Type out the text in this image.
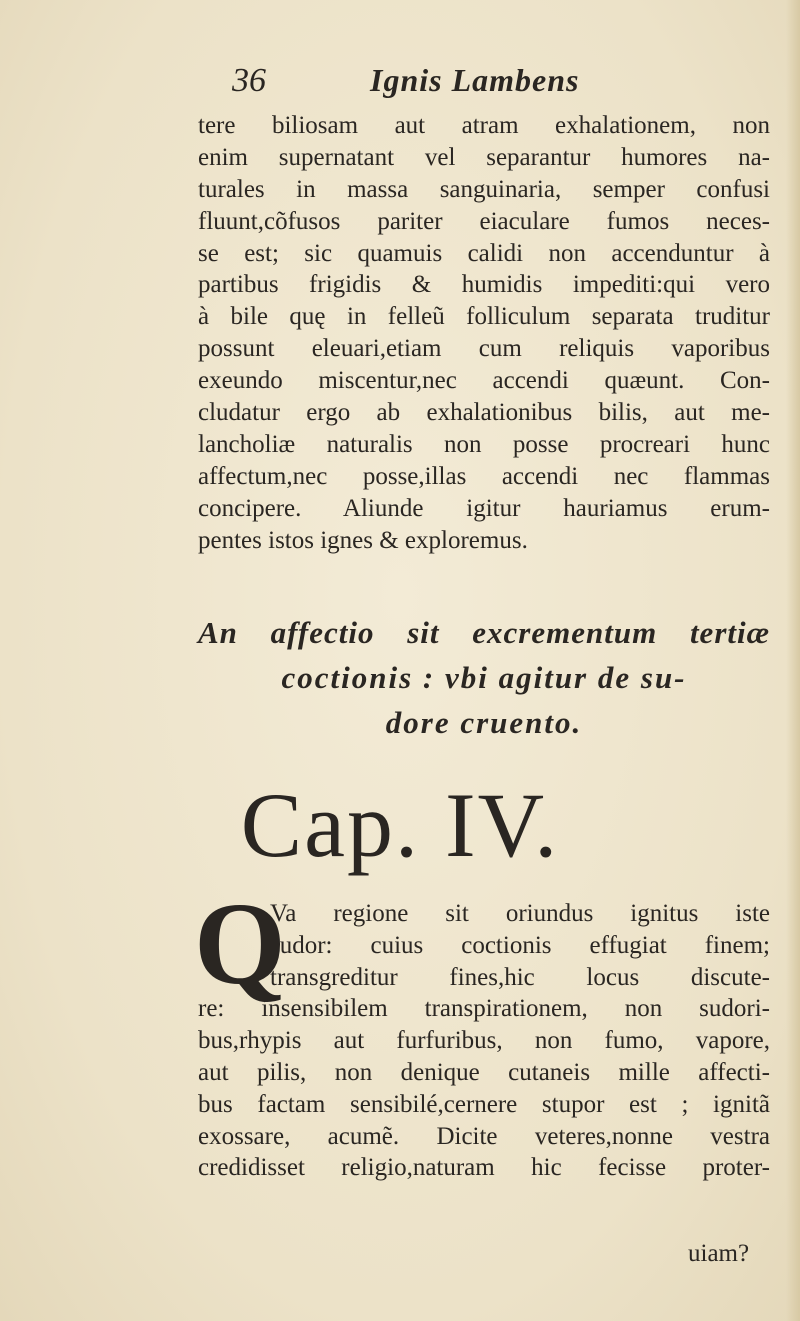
36	Ignis Lambens
tere biliosam aut atram exhalationem, non
enim supernatant vel separantur humores na-
turales in massa sanguinaria, semper confusi
fluunt,cõfusos pariter eiaculare fumos neces-
se est; sic quamuis calidi non accenduntur à
partibus frigidis & humidis impediti:qui vero
à bile quę in felleũ folliculum separata truditur
possunt eleuari,etiam cum reliquis vaporibus
exeundo miscentur,nec accendi quæunt. Con-
cludatur ergo ab exhalationibus bilis, aut me-
lancholiæ naturalis non posse procreari hunc
affectum,nec posse,illas accendi nec flammas
concipere. Aliunde igitur hauriamus erum-
pentes istos ignes & exploremus.
An affectio sit excrementum tertiæ
coctionis : vbi agitur de su-
dore cruento.
Cap. IV.
Q
Va regione sit oriundus ignitus iste
sudor: cuius coctionis effugiat finem;
transgreditur fines,hic locus discute-
re: insensibilem transpirationem, non sudori-
bus,rhypis aut furfuribus, non fumo, vapore,
aut pilis, non denique cutaneis mille affecti-
bus factam sensibilé,cernere stupor est ; ignitã
exossare, acumẽ. Dicite veteres,nonne vestra
credidisset religio,naturam hic fecisse proter-
uiam?
